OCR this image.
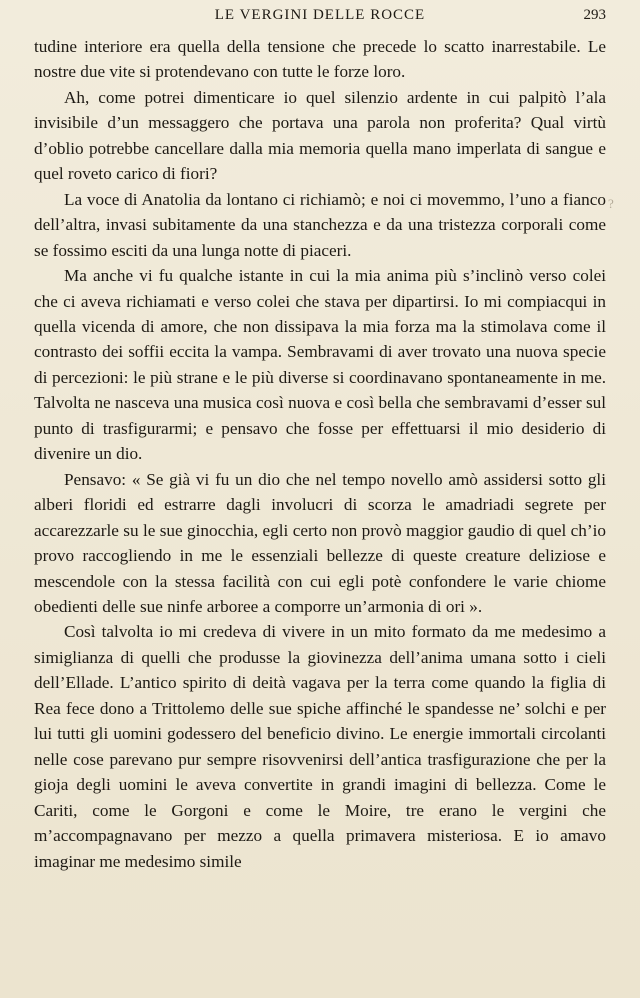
LE VERGINI DELLE ROCCE	293

tudine interiore era quella della tensione che precede lo scatto inarrestabile. Le nostre due vite si protendevano con tutte le forze loro.

Ah, come potrei dimenticare io quel silenzio ardente in cui palpitò l’ala invisibile d’un messaggero che portava una parola non proferita? Qual virtù d’oblio potrebbe cancellare dalla mia memoria quella mano imperlata di sangue e quel roveto carico di fiori?

La voce di Anatolia da lontano ci richiamò; e noi ci movemmo, l’uno a fianco dell’altra, invasi subitamente da una stanchezza e da una tristezza corporali come se fossimo esciti da una lunga notte di piaceri.

Ma anche vi fu qualche istante in cui la mia anima più s’inclinò verso colei che ci aveva richiamati e verso colei che stava per dipartirsi. Io mi compiacqui in quella vicenda di amore, che non dissipava la mia forza ma la stimolava come il contrasto dei soffii eccita la vampa. Sembravami di aver trovato una nuova specie di percezioni: le più strane e le più diverse si coordinavano spontaneamente in me. Talvolta ne nasceva una musica così nuova e così bella che sembravami d’esser sul punto di trasfigurarmi; e pensavo che fosse per effettuarsi il mio desiderio di divenire un dio.

Pensavo: « Se già vi fu un dio che nel tempo novello amò assidersi sotto gli alberi floridi ed estrarre dagli involucri di scorza le amadriadi segrete per accarezzarle su le sue ginocchia, egli certo non provò maggior gaudio di quel ch’io provo raccogliendo in me le essenziali bellezze di queste creature deliziose e mescendole con la stessa facilità con cui egli potè confondere le varie chiome obedienti delle sue ninfe arboree a comporre un’armonia di ori ».

Così talvolta io mi credeva di vivere in un mito formato da me medesimo a simiglianza di quelli che produsse la giovinezza dell’anima umana sotto i cieli dell’Ellade. L’antico spirito di deità vagava per la terra come quando la figlia di Rea fece dono a Trittolemo delle sue spiche affinché le spandesse ne’ solchi e per lui tutti gli uomini godessero del beneficio divino. Le energie immortali circolanti nelle cose parevano pur sempre risovvenirsi dell’antica trasfigurazione che per la gioja degli uomini le aveva convertite in grandi imagini di bellezza. Come le Cariti, come le Gorgoni e come le Moire, tre erano le vergini che m’accompagnavano per mezzo a quella primavera misteriosa. E io amavo imaginar me medesimo simile

?
